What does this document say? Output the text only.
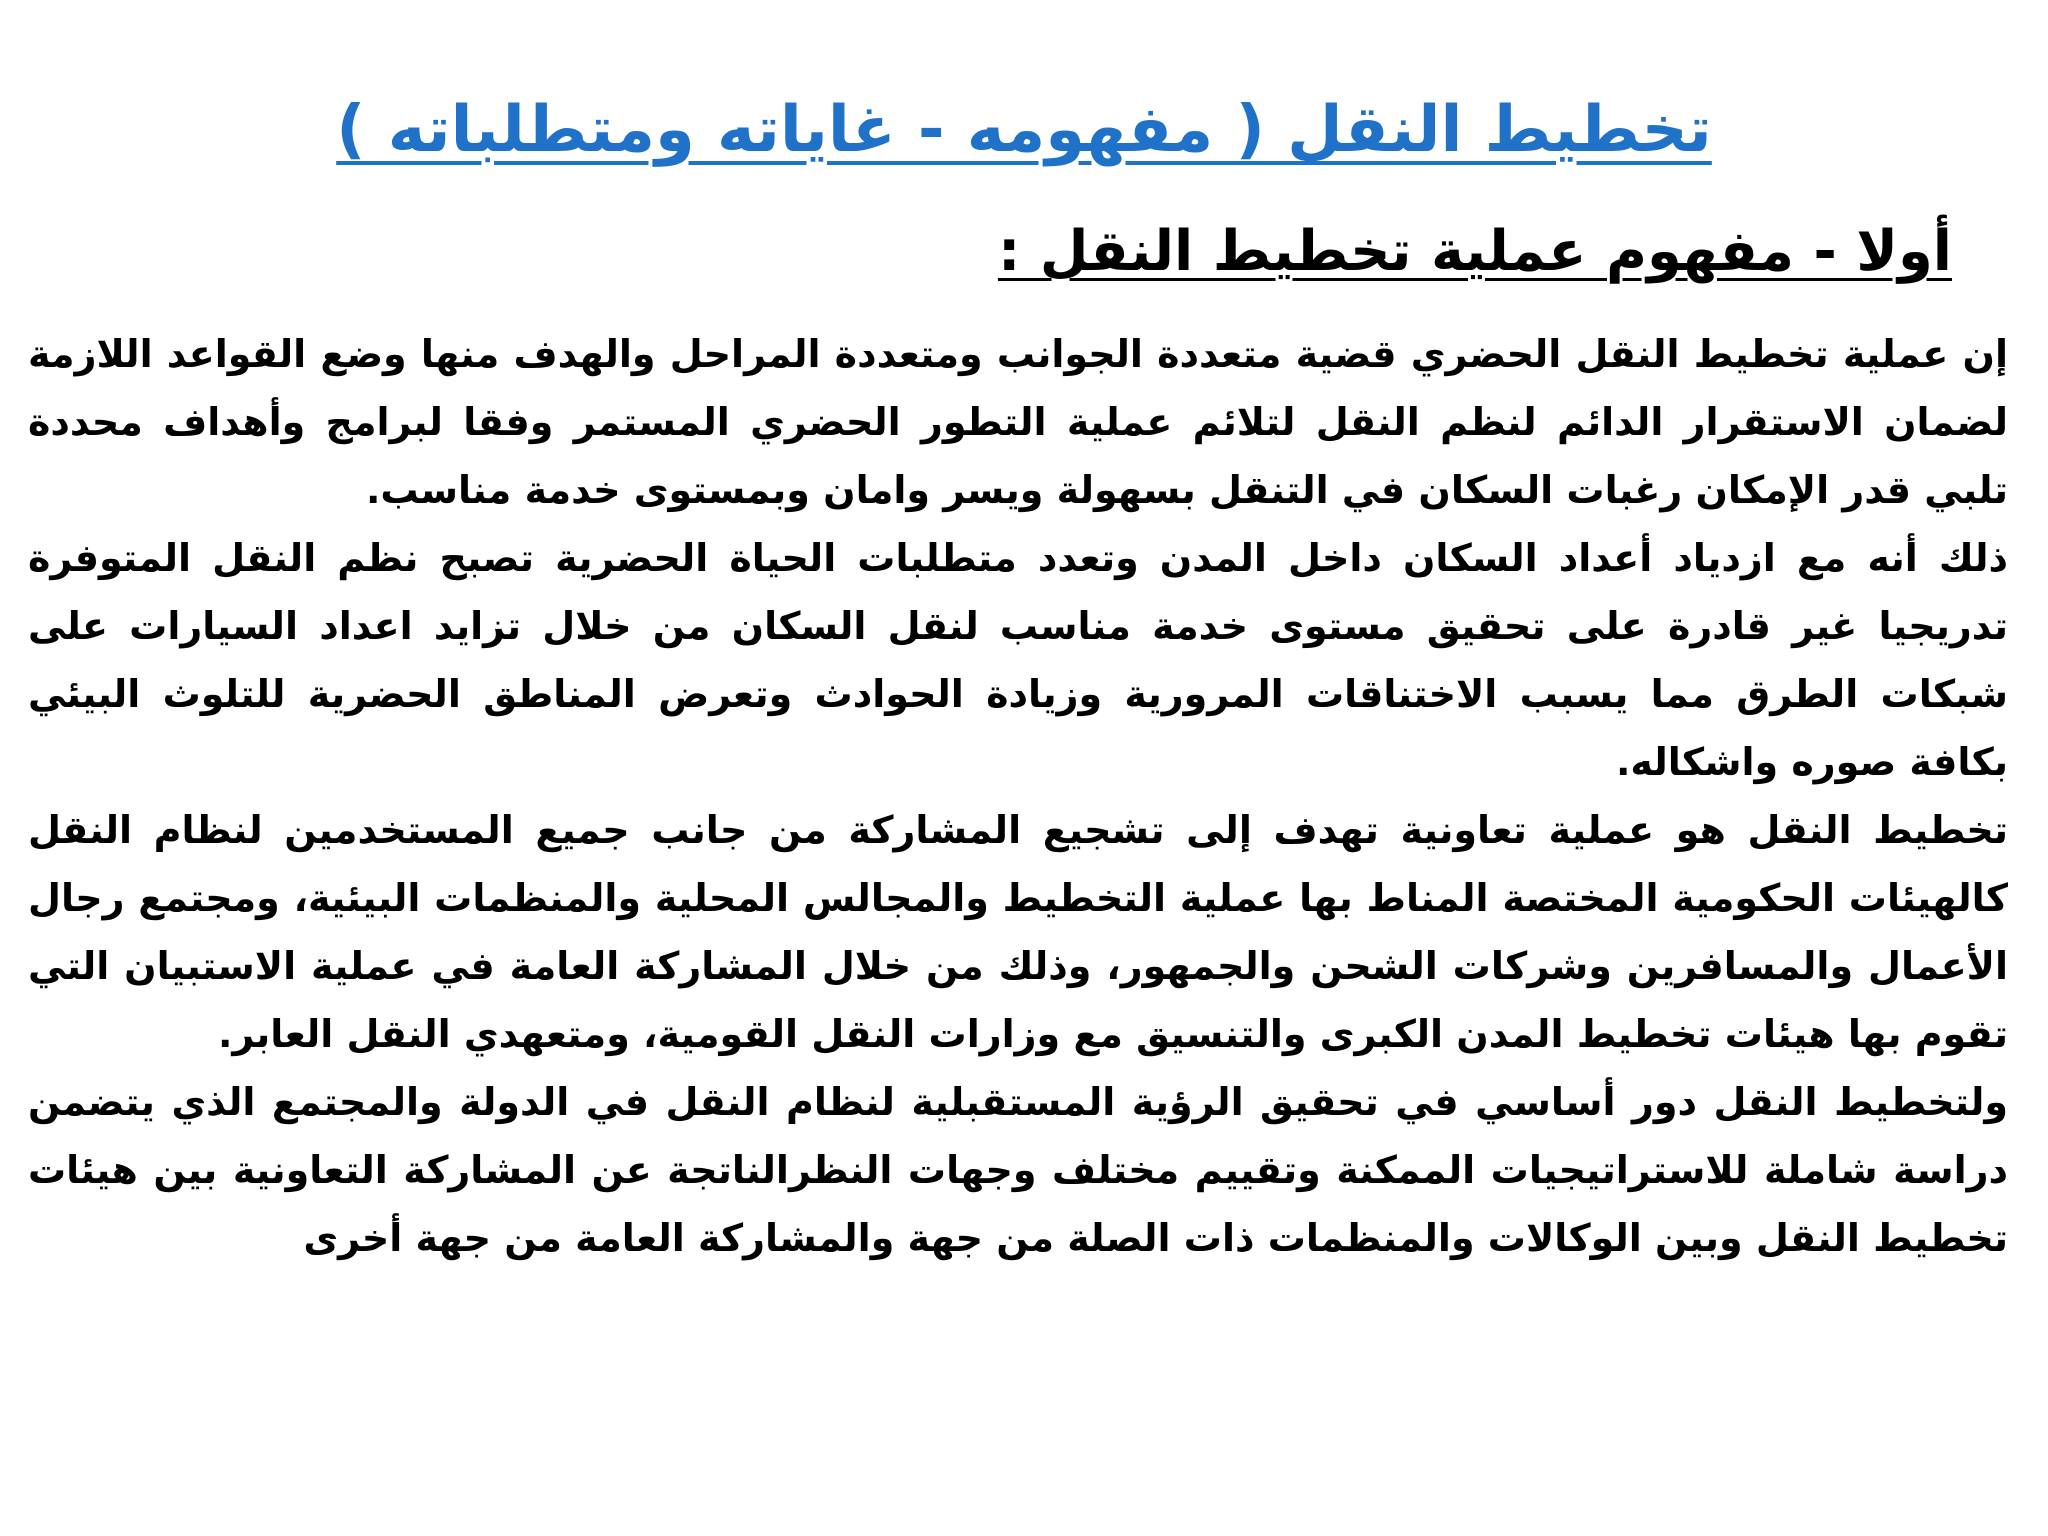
تخطيط النقل ( مفهومه - غاياته ومتطلباته )
أولا - مفهوم عملية تخطيط النقل :

إن عملية تخطيط النقل الحضري قضية متعددة الجوانب ومتعددة المراحل والهدف منها وضع القواعد اللازمة لضمان الاستقرار الدائم لنظم النقل لتلائم عملية التطور الحضري المستمر وفقا لبرامج وأهداف محددة تلبي قدر الإمكان رغبات السكان في التنقل بسهولة ويسر وامان وبمستوى خدمة مناسب.

ذلك أنه مع ازدياد أعداد السكان داخل المدن وتعدد متطلبات الحياة الحضرية تصبح نظم النقل المتوفرة تدريجيا غير قادرة على تحقيق مستوى خدمة مناسب لنقل السكان من خلال تزايد اعداد السيارات على شبكات الطرق مما يسبب الاختناقات المرورية وزيادة الحوادث وتعرض المناطق الحضرية للتلوث البيئي بكافة صوره واشكاله.

تخطيط النقل هو عملية تعاونية تهدف إلى تشجيع المشاركة من جانب جميع المستخدمين لنظام النقل كالهيئات الحكومية المختصة المناط بها عملية التخطيط والمجالس المحلية والمنظمات البيئية، ومجتمع رجال الأعمال والمسافرين وشركات الشحن والجمهور، وذلك من خلال المشاركة العامة في عملية الاستبيان التي تقوم بها هيئات تخطيط المدن الكبرى والتنسيق مع وزارات النقل القومية، ومتعهدي النقل العابر.

ولتخطيط النقل دور أساسي في تحقيق الرؤية المستقبلية لنظام النقل في الدولة والمجتمع الذي يتضمن دراسة شاملة للاستراتيجيات الممكنة وتقييم مختلف وجهات النظرالناتجة عن المشاركة التعاونية بين هيئات تخطيط النقل وبين الوكالات والمنظمات ذات الصلة من جهة والمشاركة العامة من جهة أخرى
